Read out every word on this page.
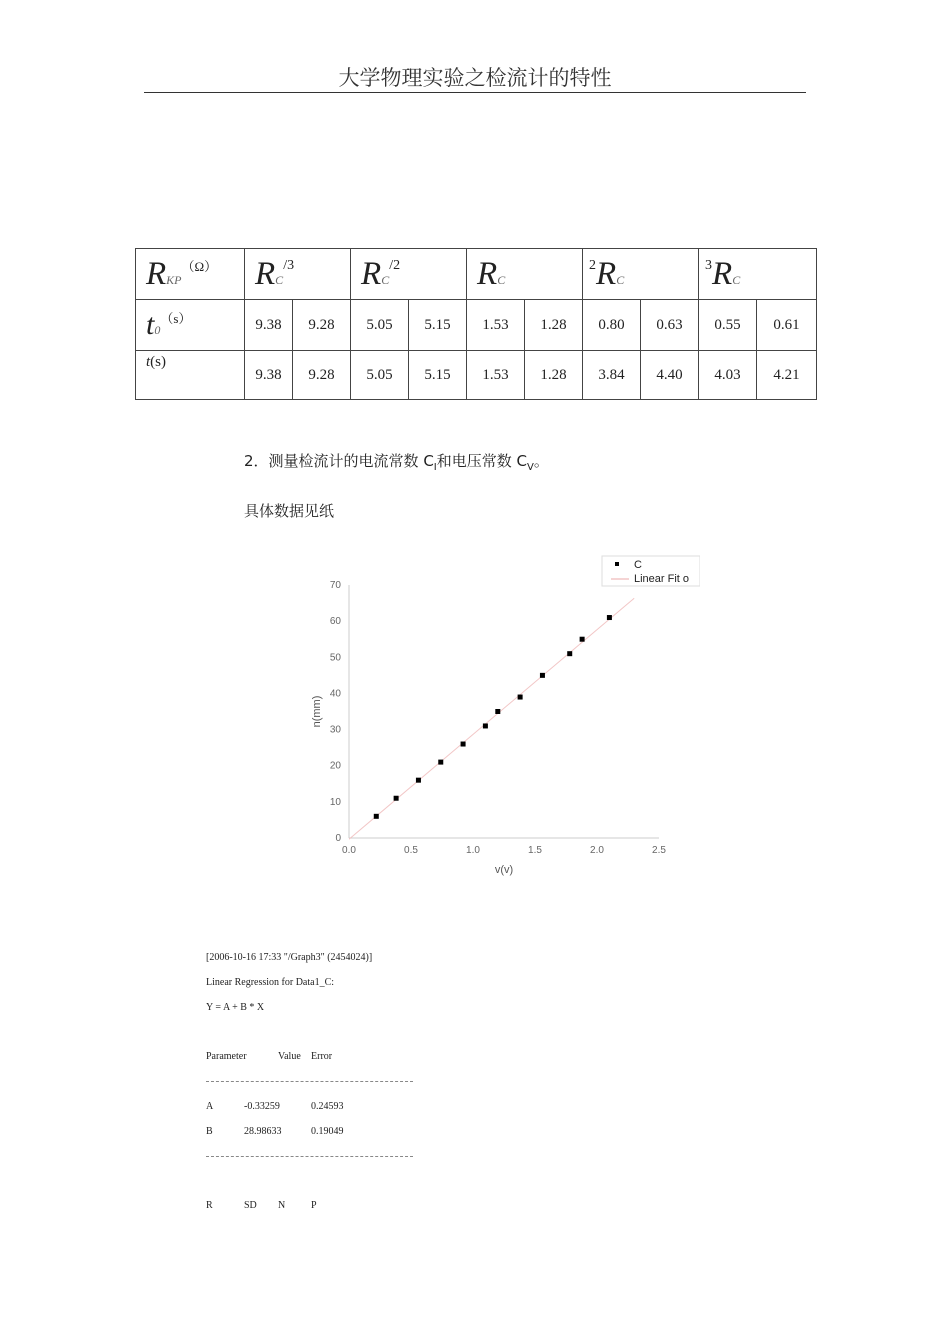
大学物理实验之检流计的特性
RKP（Ω）	RC/3		RC/2		RC		2RC		3RC	
t0（s）	9.38	9.28	5.05	5.15	1.53	1.28	0.80	0.63	0.55	0.61
t(s)	9.38	9.28	5.05	5.15	1.53	1.28	3.84	4.40	4.03	4.21
2．测量检流计的电流常数 $C_I$和电压常数 $C_V$。
具体数据见纸
0.0	0.5	1.0	1.5	2.0	2.5
0
10
20
30
40
50
60
70
v(v)
n(mm)
C
Linear Fit o
[2006-10-16 17:33 "/Graph3" (2454024)]
Linear Regression for Data1_C:
Y = A + B * X
Parameter	Value Error
A	-0.33259	0.24593
B	28.98633	0.19049
R	SD N	P
